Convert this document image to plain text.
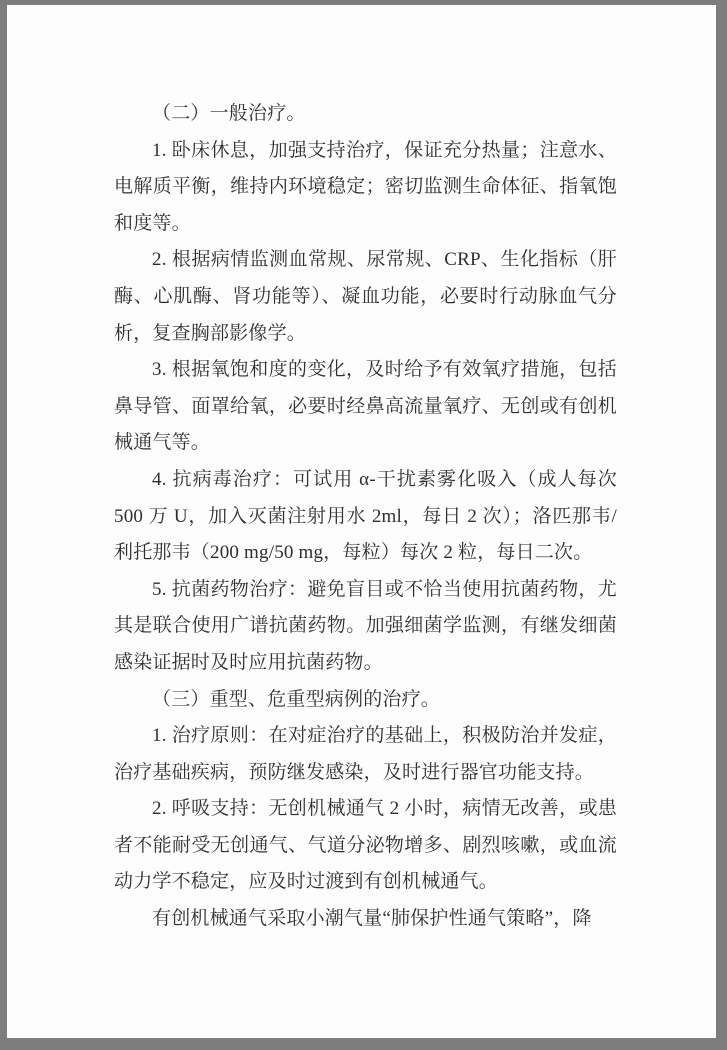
（二）一般治疗。

1. 卧床休息，加强支持治疗，保证充分热量；注意水、电解质平衡，维持内环境稳定；密切监测生命体征、指氧饱和度等。

2. 根据病情监测血常规、尿常规、CRP、生化指标（肝酶、心肌酶、肾功能等）、凝血功能，必要时行动脉血气分析，复查胸部影像学。

3. 根据氧饱和度的变化，及时给予有效氧疗措施，包括鼻导管、面罩给氧，必要时经鼻高流量氧疗、无创或有创机械通气等。

4. 抗病毒治疗：可试用 α-干扰素雾化吸入（成人每次 500 万 U，加入灭菌注射用水 2ml，每日 2 次）；洛匹那韦/利托那韦（200 mg/50 mg，每粒）每次 2 粒，每日二次。

5. 抗菌药物治疗：避免盲目或不恰当使用抗菌药物，尤其是联合使用广谱抗菌药物。加强细菌学监测，有继发细菌感染证据时及时应用抗菌药物。

（三）重型、危重型病例的治疗。

1. 治疗原则：在对症治疗的基础上，积极防治并发症，治疗基础疾病，预防继发感染，及时进行器官功能支持。

2. 呼吸支持：无创机械通气 2 小时，病情无改善，或患者不能耐受无创通气、气道分泌物增多、剧烈咳嗽，或血流动力学不稳定，应及时过渡到有创机械通气。

有创机械通气采取小潮气量“肺保护性通气策略”，降
